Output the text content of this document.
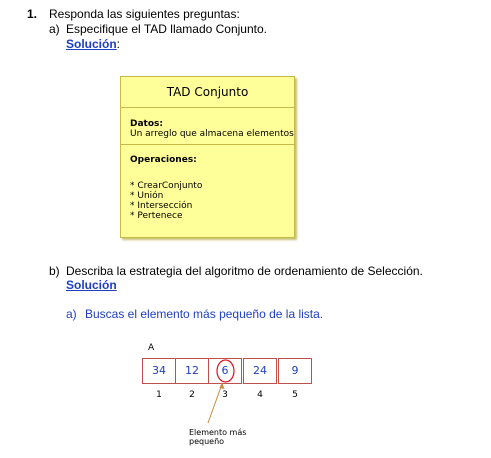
1. Responda las siguientes preguntas:
a) Especifique el TAD llamado Conjunto.
Solución:
TAD Conjunto
Datos:
Un arreglo que almacena elementos
Operaciones:
* CrearConjunto
* Unión
* Intersección
* Pertenece
b) Describa la estrategia del algoritmo de ordenamiento de Selección.
Solución
a) Buscas el elemento más pequeño de la lista.
A
34	12	6	24	9
1	2	3	4	5
Elemento más
pequeño
